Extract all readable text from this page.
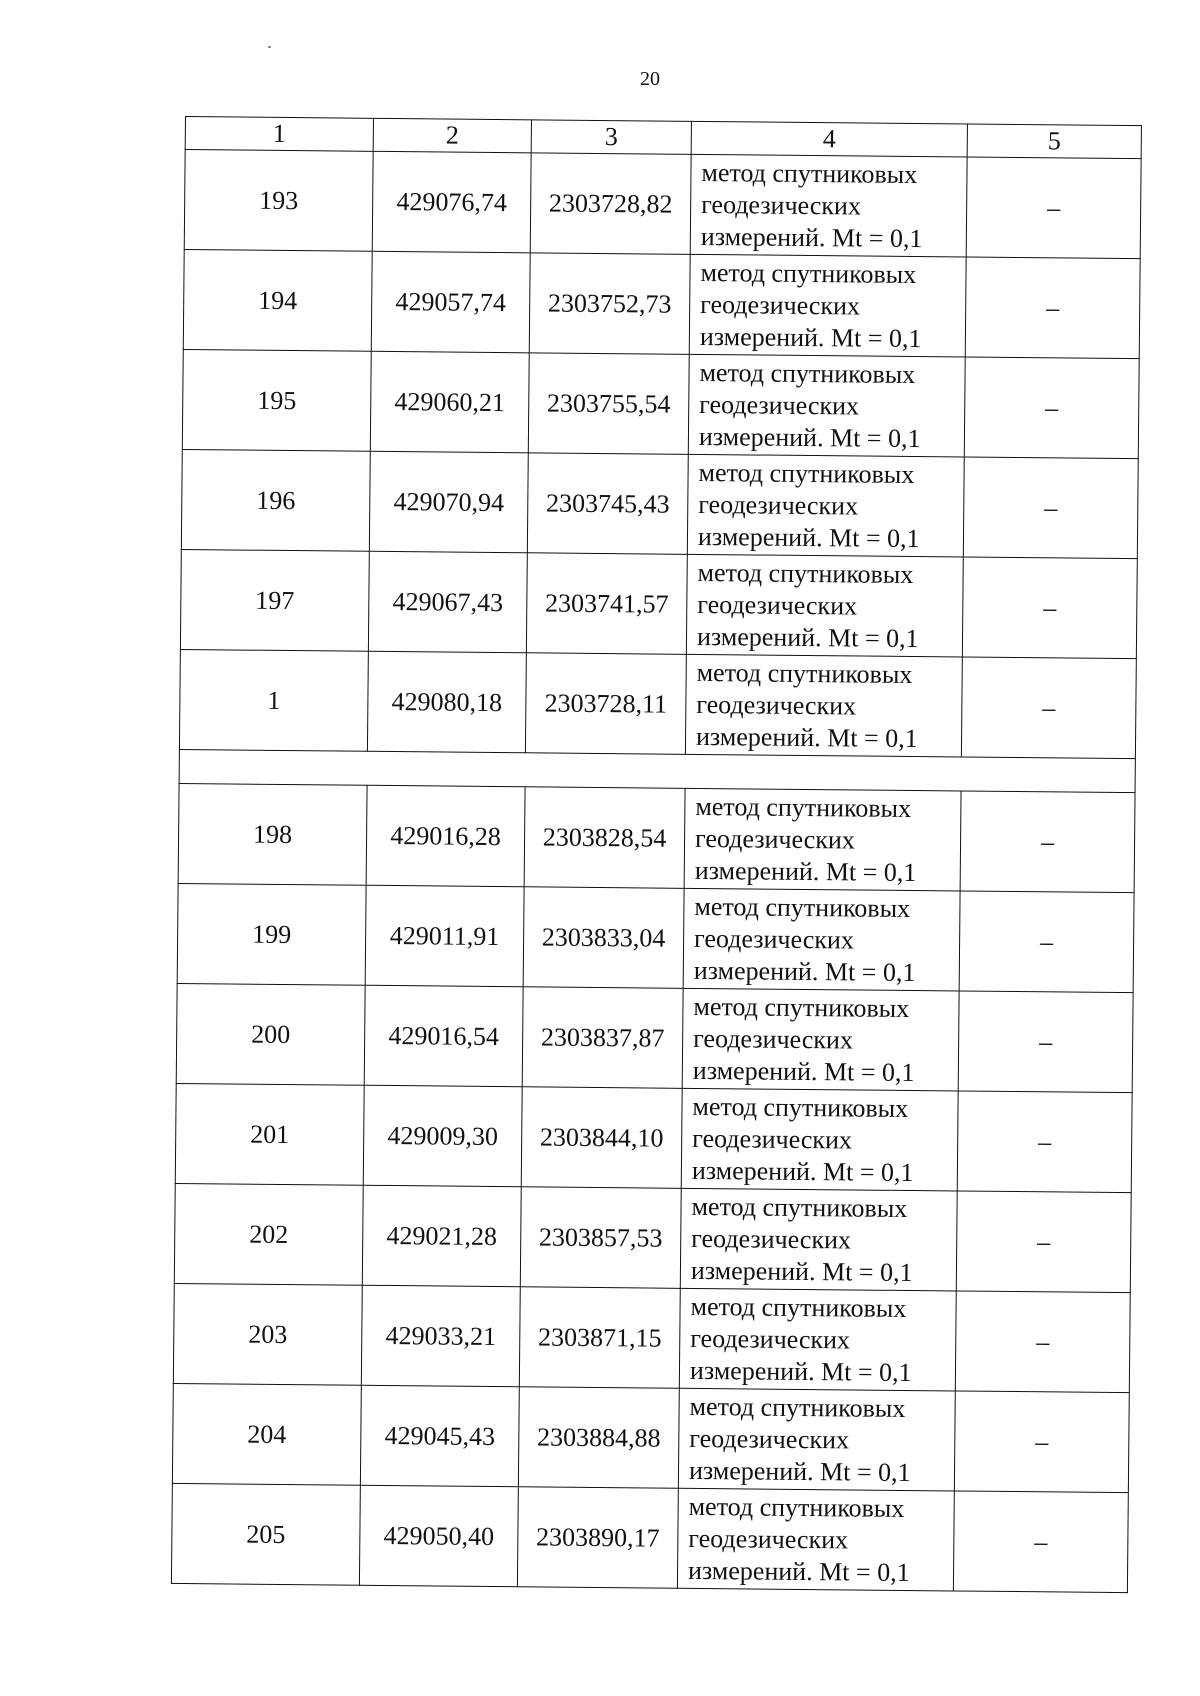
20
1	2	3	4	5
193	429076,74	2303728,82	метод спутниковых
геодезических
измерений. Mt = 0,1	–
194	429057,74	2303752,73	метод спутниковых
геодезических
измерений. Mt = 0,1	–
195	429060,21	2303755,54	метод спутниковых
геодезических
измерений. Mt = 0,1	–
196	429070,94	2303745,43	метод спутниковых
геодезических
измерений. Mt = 0,1	–
197	429067,43	2303741,57	метод спутниковых
геодезических
измерений. Mt = 0,1	–
1	429080,18	2303728,11	метод спутниковых
геодезических
измерений. Mt = 0,1	–

198	429016,28	2303828,54	метод спутниковых
геодезических
измерений. Mt = 0,1	–
199	429011,91	2303833,04	метод спутниковых
геодезических
измерений. Mt = 0,1	–
200	429016,54	2303837,87	метод спутниковых
геодезических
измерений. Mt = 0,1	–
201	429009,30	2303844,10	метод спутниковых
геодезических
измерений. Mt = 0,1	–
202	429021,28	2303857,53	метод спутниковых
геодезических
измерений. Mt = 0,1	–
203	429033,21	2303871,15	метод спутниковых
геодезических
измерений. Mt = 0,1	–
204	429045,43	2303884,88	метод спутниковых
геодезических
измерений. Mt = 0,1	–
205	429050,40	2303890,17	метод спутниковых
геодезических
измерений. Mt = 0,1	–
